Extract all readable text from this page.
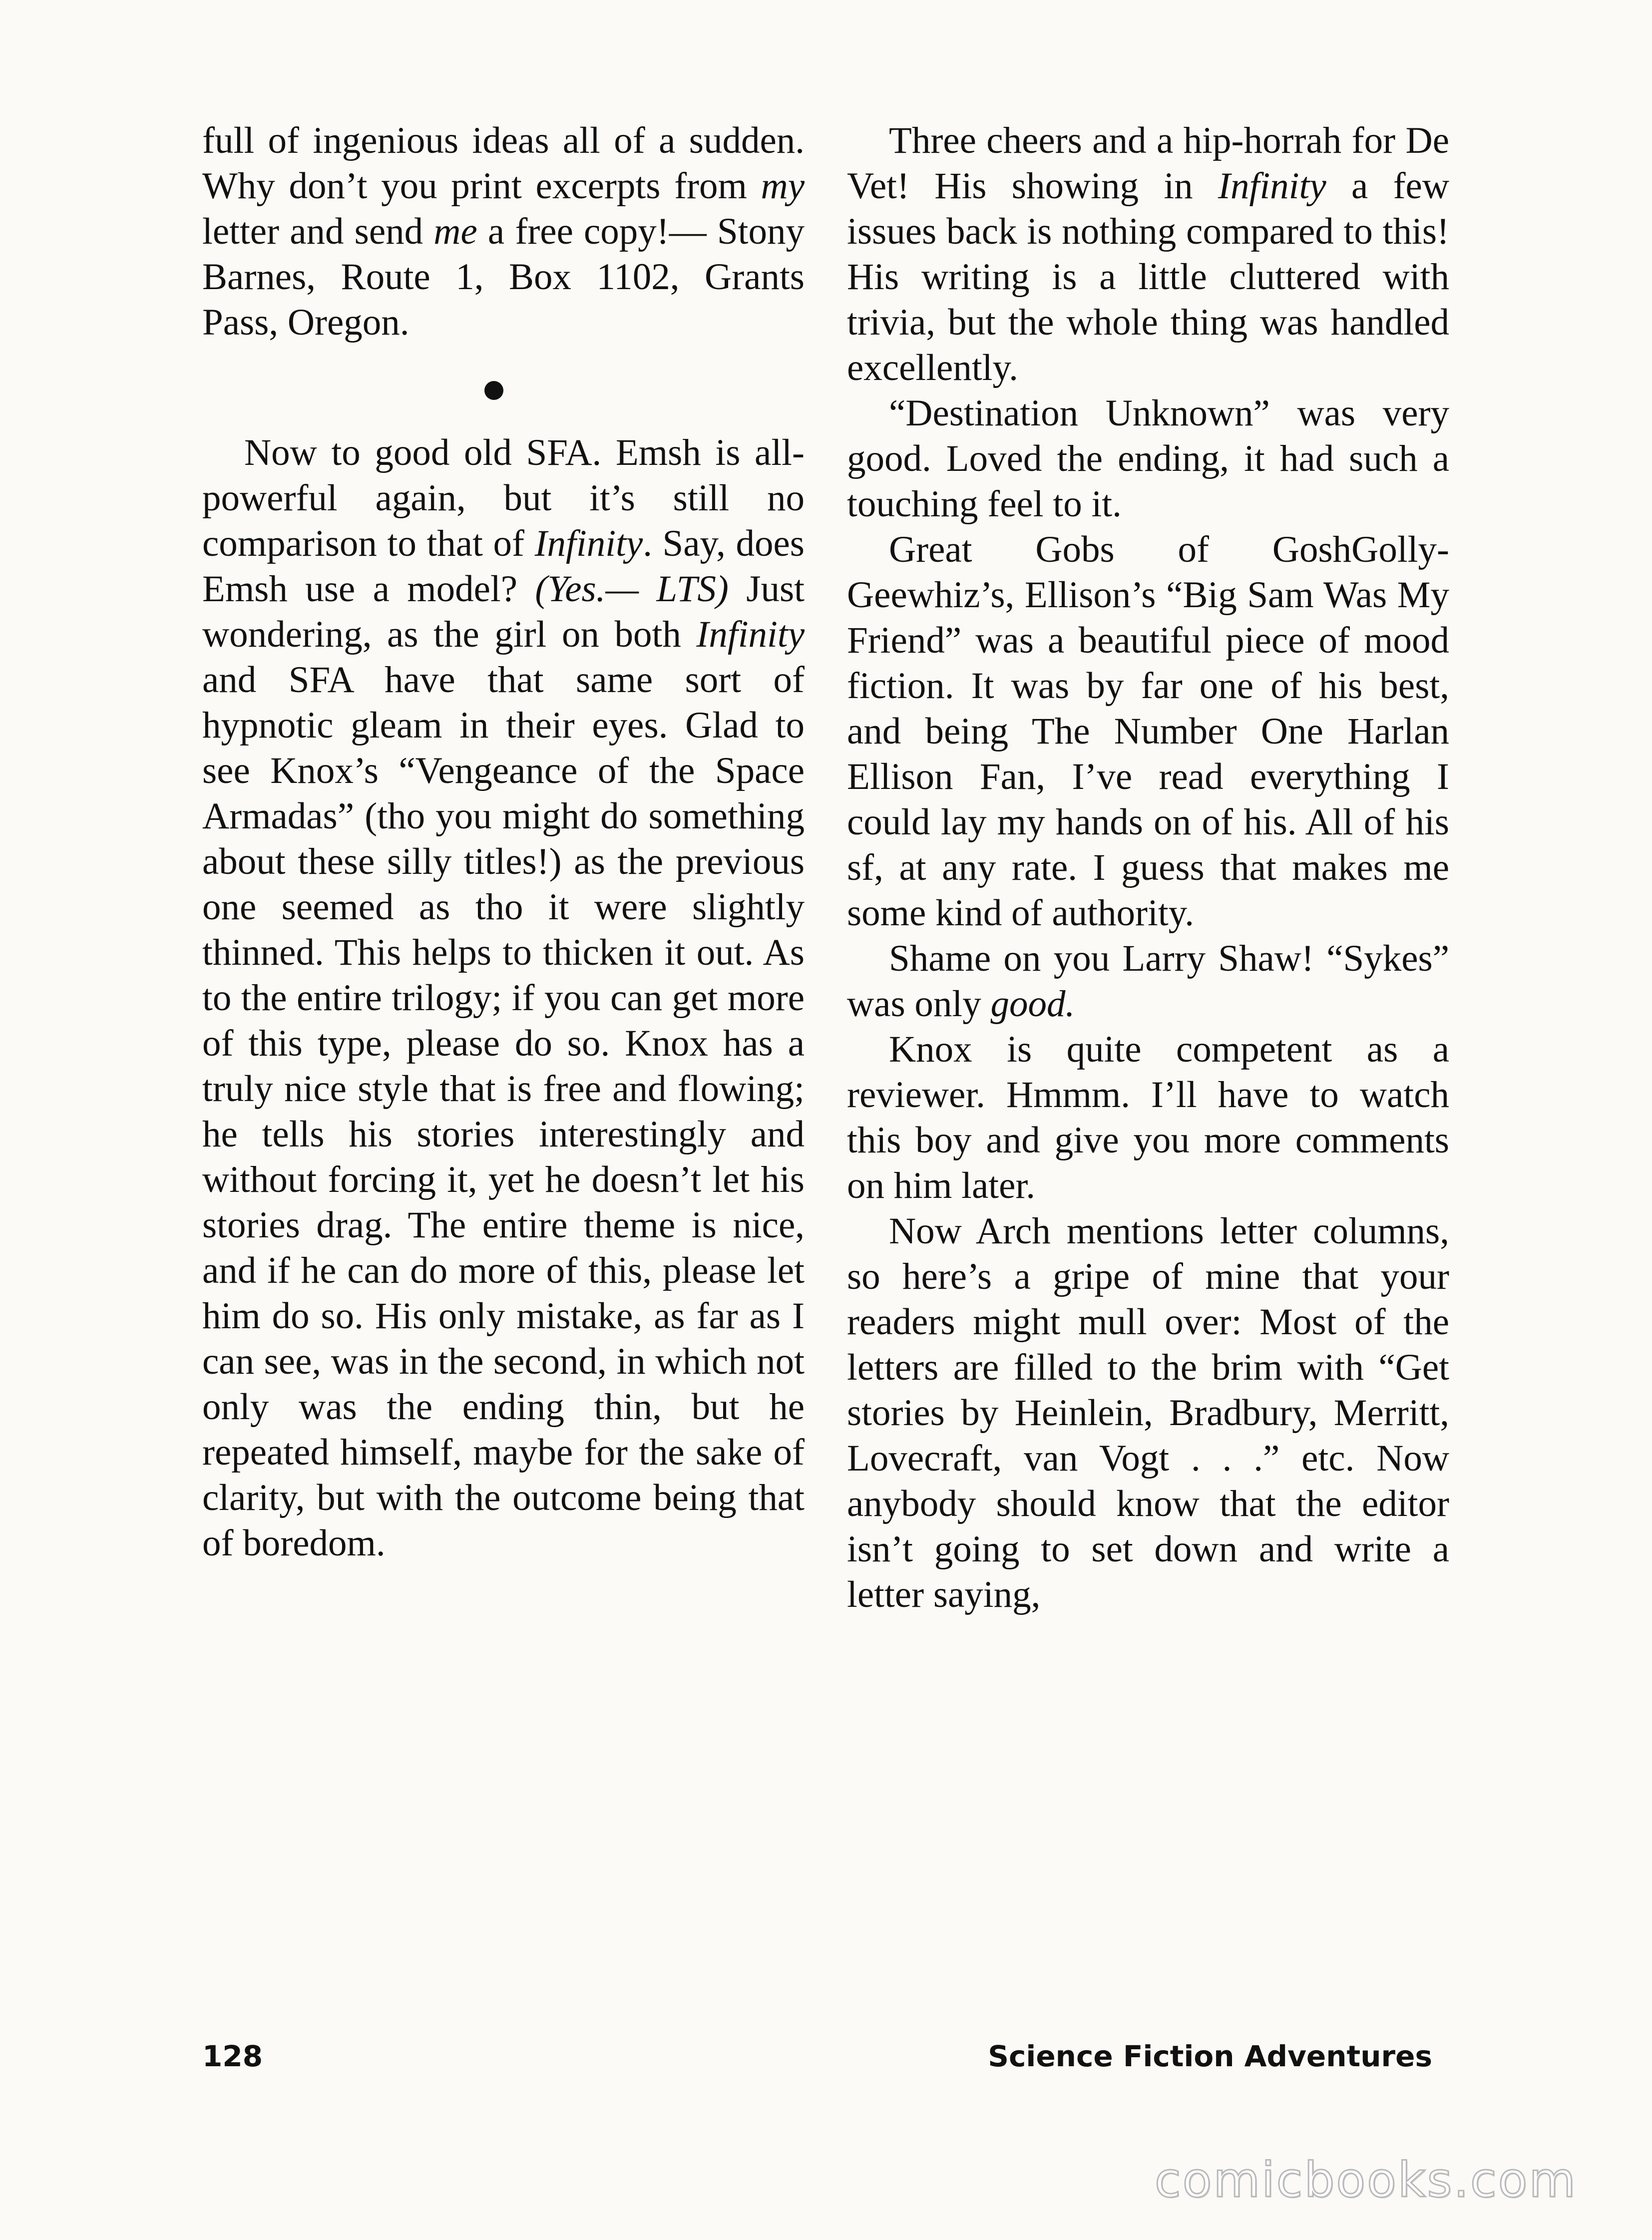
full of ingenious ideas all of a sudden. Why don’t you print excerpts from my letter and send me a free copy!— Stony Barnes, Route 1, Box 1102, Grants Pass, Oregon.

Now to good old SFA. Emsh is all-powerful again, but it’s still no comparison to that of Infinity. Say, does Emsh use a model? (Yes.— LTS) Just wondering, as the girl on both Infinity and SFA have that same sort of hypnotic gleam in their eyes. Glad to see Knox’s “Vengeance of the Space Armadas” (tho you might do something about these silly titles!) as the previous one seemed as tho it were slightly thinned. This helps to thicken it out. As to the entire trilogy; if you can get more of this type, please do so. Knox has a truly nice style that is free and flowing; he tells his stories interestingly and without forcing it, yet he doesn’t let his stories drag. The entire theme is nice, and if he can do more of this, please let him do so. His only mistake, as far as I can see, was in the second, in which not only was the ending thin, but he repeated himself, maybe for the sake of clarity, but with the outcome being that of boredom.

Three cheers and a hip-horrah for De Vet! His showing in Infinity a few issues back is nothing compared to this! His writing is a little cluttered with trivia, but the whole thing was handled excellently.

“Destination Unknown” was very good. Loved the ending, it had such a touching feel to it.

Great Gobs of GoshGolly-Geewhiz’s, Ellison’s “Big Sam Was My Friend” was a beautiful piece of mood fiction. It was by far one of his best, and being The Number One Harlan Ellison Fan, I’ve read everything I could lay my hands on of his. All of his sf, at any rate. I guess that makes me some kind of authority.

Shame on you Larry Shaw! “Sykes” was only good.

Knox is quite competent as a reviewer. Hmmm. I’ll have to watch this boy and give you more comments on him later.

Now Arch mentions letter columns, so here’s a gripe of mine that your readers might mull over: Most of the letters are filled to the brim with “Get stories by Heinlein, Bradbury, Merritt, Lovecraft, van Vogt . . .” etc. Now anybody should know that the editor isn’t going to set down and write a letter saying,

128	Science Fiction Adventures
comicbooks.com
